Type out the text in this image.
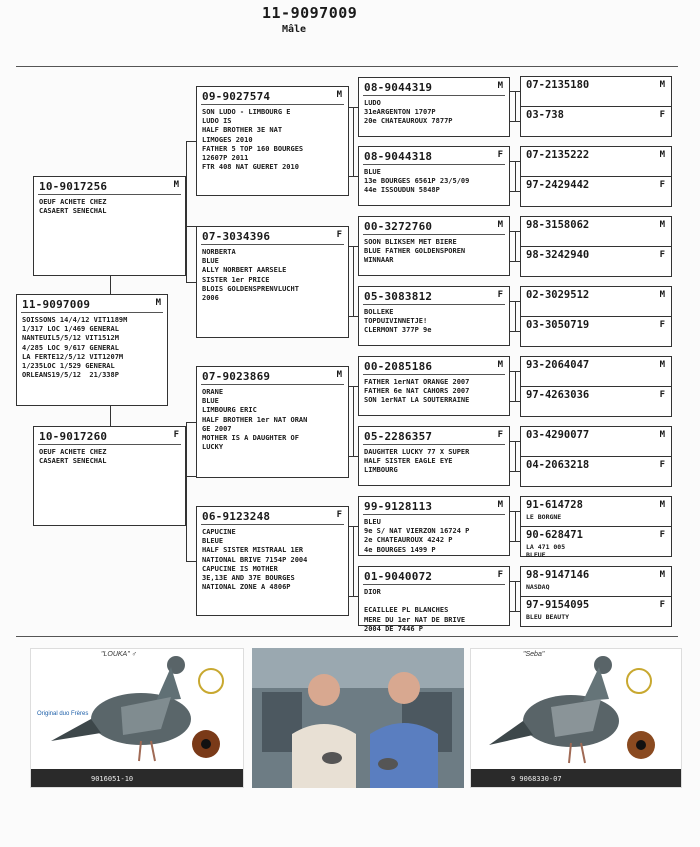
11-9097009
Mâle
11-9097009	M
SOISSONS 14/4/12 VIT1189M
1/317 LOC 1/469 GENERAL
NANTEUIL5/5/12 VIT1512M
4/285 LOC 9/617 GENERAL
LA FERTE12/5/12 VIT1207M
1/235LOC 1/529 GENERAL
ORLEANS19/5/12  21/338P
10-9017256	M
OEUF ACHETE CHEZ
CASAERT SENECHAL
10-9017260	F
OEUF ACHETE CHEZ
CASAERT SENECHAL
09-9027574	M
SON LUDO - LIMBOURG E
LUDO IS
HALF BROTHER 3E NAT
LIMOGES 2010
FATHER 5 TOP 160 BOURGES
12607P 2011
FTR 408 NAT GUERET 2010
07-3034396	F
NORBERTA
BLUE
ALLY NORBERT AARSELE
SISTER 1er PRICE
BLOIS GOLDENSPRENVLUCHT
2006
07-9023869	M
ORANE
BLUE
LIMBOURG ERIC
HALF BROTHER 1er NAT ORAN
GE 2007
MOTHER IS A DAUGHTER OF
LUCKY
06-9123248	F
CAPUCINE
BLEUE
HALF SISTER MISTRAAL 1ER
NATIONAL BRIVE 7154P 2004
CAPUCINE IS MOTHER
3E,13E AND 37E BOURGES
NATIONAL ZONE A 4806P
08-9044319	M
LUDO
31eARGENTON 1707P
20e CHATEAUROUX 7877P
08-9044318	F
BLUE
13e BOURGES 6561P 23/5/09
44e ISSOUDUN 5848P
00-3272760	M
SOON BLIKSEM MET BIERE
BLUE FATHER GOLDENSPOREN
WINNAAR
05-3083812	F
BOLLEKE
TOPDUIVINNETJE!
CLERMONT 377P 9e
00-2085186	M
FATHER 1erNAT ORANGE 2007
FATHER 6e NAT CAHORS 2007
SON 1erNAT LA SOUTERRAINE
05-2286357	F
DAUGHTER LUCKY 77 X SUPER
HALF SISTER EAGLE EYE
LIMBOURG
99-9128113	M
BLEU
9e S/ NAT VIERZON 16724 P
2e CHATEAUROUX 4242 P
4e BOURGES 1499 P
01-9040072	F
DIOR
ECAILLEE PL BLANCHES
MERE DU 1er NAT DE BRIVE
2004 DE 7446 P
07-2135180	M
03-738	F
07-2135222	M
97-2429442	F
98-3158062	M
98-3242940	F
02-3029512	M
03-3050719	F
93-2064047	M
97-4263036	F
03-4290077	M
04-2063218	F
91-614728	M
LE BORGNE
90-628471	F
LA 471 005
BLEUE
98-9147146	M
NASDAQ
97-9154095	F
BLEU BEAUTY
"LOUKA" ♂
Original duo Frères
9016051-10
"Seba"
9 9068330-07
